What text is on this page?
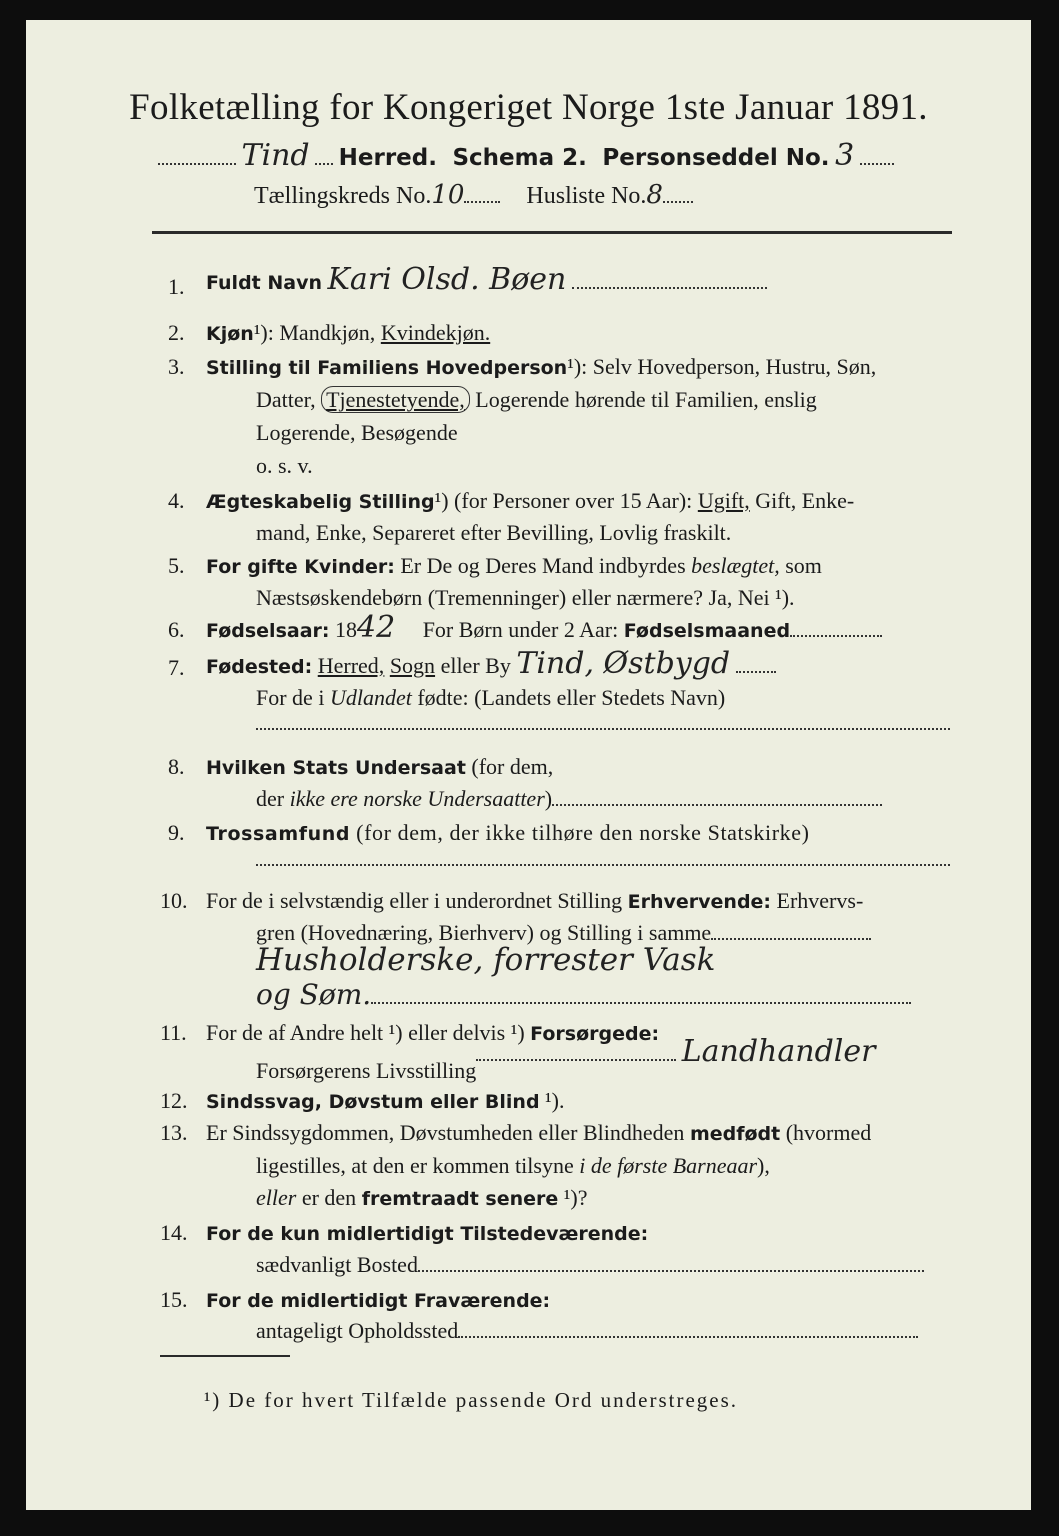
Folketælling for Kongeriget Norge 1ste Januar 1891.
Tind Herred. Schema 2. Personseddel No. 3
Tællingskreds No.10	Husliste No.8
1. Fuldt Navn Kari Olsd. Bøen
2. Kjøn¹): Mandkjøn, Kvindekjøn.
3. Stilling til Familiens Hovedperson¹): Selv Hovedperson, Hustru, Søn,
Datter, Tjenestetyende, Logerende hørende til Familien, enslig
Logerende, Besøgende
o. s. v.
4. Ægteskabelig Stilling¹) (for Personer over 15 Aar): Ugift, Gift, Enke-
mand, Enke, Separeret efter Bevilling, Lovlig fraskilt.
5. For gifte Kvinder: Er De og Deres Mand indbyrdes beslægtet, som
Næstsøskendebørn (Tremenninger) eller nærmere? Ja, Nei ¹).
6. Fødselsaar: 1842 For Børn under 2 Aar: Fødselsmaaned
7. Fødested: Herred, Sogn eller By Tind, Østbygd
For de i Udlandet fødte: (Landets eller Stedets Navn)
8. Hvilken Stats Undersaat (for dem,
der ikke ere norske Undersaatter)
9. Trossamfund (for dem, der ikke tilhøre den norske Statskirke)
10. For de i selvstændig eller i underordnet Stilling Erhvervende: Erhvervs-
gren (Hovednæring, Bierhverv) og Stilling i samme
Husholderske, forrester Vask
og Søm.
11. For de af Andre helt ¹) eller delvis ¹) Forsørgede:
Forsørgerens Livsstilling Landhandler
12. Sindssvag, Døvstum eller Blind ¹).
13. Er Sindssygdommen, Døvstumheden eller Blindheden medfødt (hvormed
ligestilles, at den er kommen tilsyne i de første Barneaar),
eller er den fremtraadt senere ¹)?
14. For de kun midlertidigt Tilstedeværende:
sædvanligt Bosted
15. For de midlertidigt Fraværende:
antageligt Opholdssted
¹) De for hvert Tilfælde passende Ord understreges.
